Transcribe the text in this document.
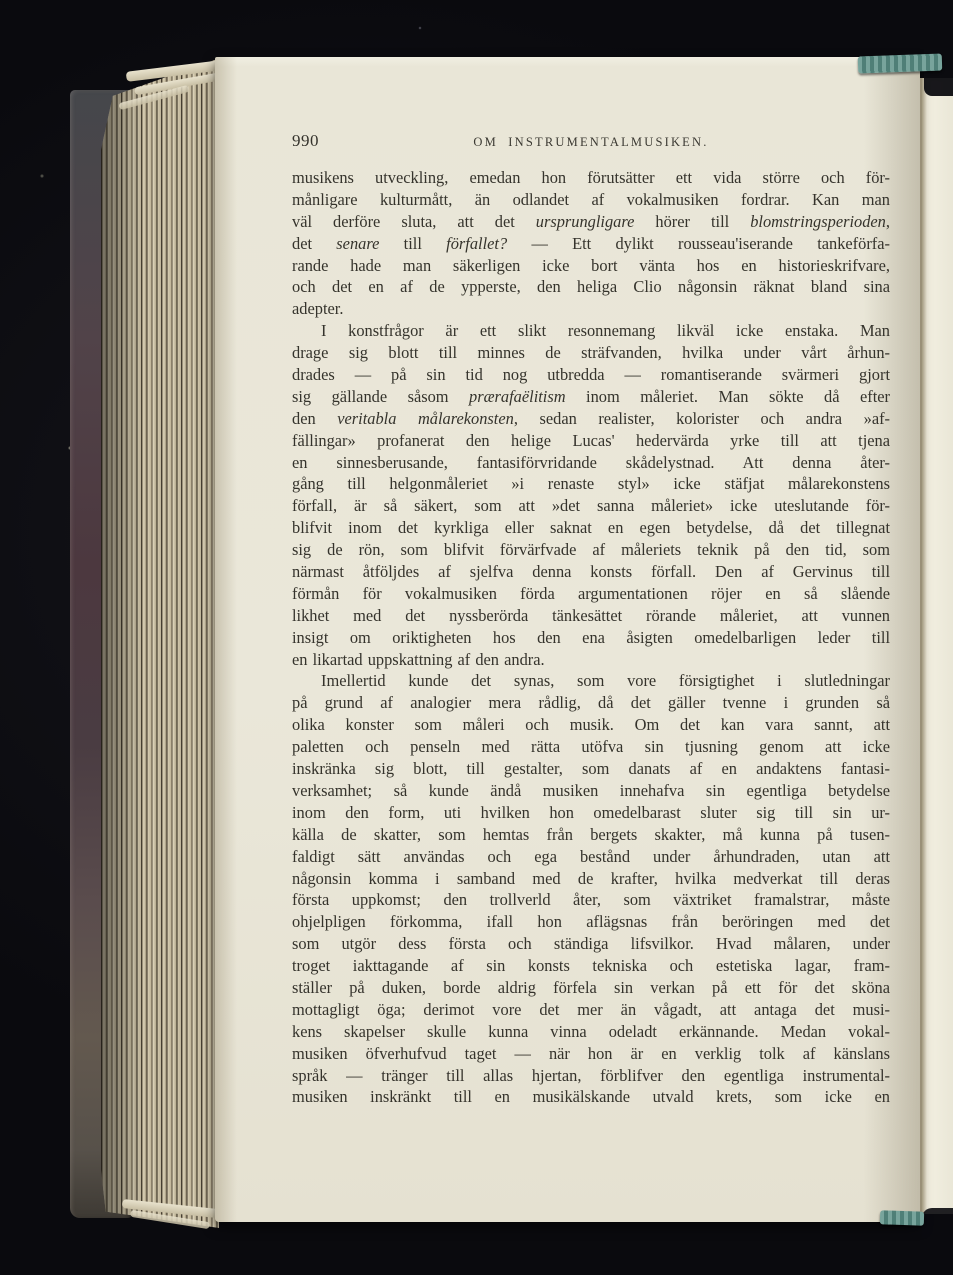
990	OM INSTRUMENTALMUSIKEN.
musikens utveckling, emedan hon förutsätter ett vida större och för-
månligare kulturmått, än odlandet af vokalmusiken fordrar. Kan man
väl derföre sluta, att det ursprungligare hörer till blomstringsperioden,
det senare till förfallet? — Ett dylikt rousseau'iserande tankeförfa-
rande hade man säkerligen icke bort vänta hos en historieskrifvare,
och det en af de ypperste, den heliga Clio någonsin räknat bland sina
adepter.
I konstfrågor är ett slikt resonnemang likväl icke enstaka. Man
drage sig blott till minnes de sträfvanden, hvilka under vårt århun-
drades — på sin tid nog utbredda — romantiserande svärmeri gjort
sig gällande såsom prærafaëlitism inom måleriet. Man sökte då efter
den veritabla målarekonsten, sedan realister, kolorister och andra »af-
fällingar» profanerat den helige Lucas' hedervärda yrke till att tjena
en sinnesberusande, fantasiförvridande skådelystnad. Att denna åter-
gång till helgonmåleriet »i renaste styl» icke stäfjat målarekonstens
förfall, är så säkert, som att »det sanna måleriet» icke uteslutande för-
blifvit inom det kyrkliga eller saknat en egen betydelse, då det tillegnat
sig de rön, som blifvit förvärfvade af måleriets teknik på den tid, som
närmast åtföljdes af sjelfva denna konsts förfall. Den af Gervinus till
förmån för vokalmusiken förda argumentationen röjer en så slående
likhet med det nyssberörda tänkesättet rörande måleriet, att vunnen
insigt om oriktigheten hos den ena åsigten omedelbarligen leder till
en likartad uppskattning af den andra.
Imellertid kunde det synas, som vore försigtighet i slutledningar
på grund af analogier mera rådlig, då det gäller tvenne i grunden så
olika konster som måleri och musik. Om det kan vara sannt, att
paletten och penseln med rätta utöfva sin tjusning genom att icke
inskränka sig blott, till gestalter, som danats af en andaktens fantasi-
verksamhet; så kunde ändå musiken innehafva sin egentliga betydelse
inom den form, uti hvilken hon omedelbarast sluter sig till sin ur-
källa de skatter, som hemtas från bergets skakter, må kunna på tusen-
faldigt sätt användas och ega bestånd under århundraden, utan att
någonsin komma i samband med de krafter, hvilka medverkat till deras
första uppkomst; den trollverld åter, som växtriket framalstrar, måste
ohjelpligen förkomma, ifall hon aflägsnas från beröringen med det
som utgör dess första och ständiga lifsvilkor. Hvad målaren, under
troget iakttagande af sin konsts tekniska och estetiska lagar, fram-
ställer på duken, borde aldrig förfela sin verkan på ett för det sköna
mottagligt öga; derimot vore det mer än vågadt, att antaga det musi-
kens skapelser skulle kunna vinna odeladt erkännande. Medan vokal-
musiken öfverhufvud taget — när hon är en verklig tolk af känslans
språk — tränger till allas hjertan, förblifver den egentliga instrumental-
musiken inskränkt till en musikälskande utvald krets, som icke en
